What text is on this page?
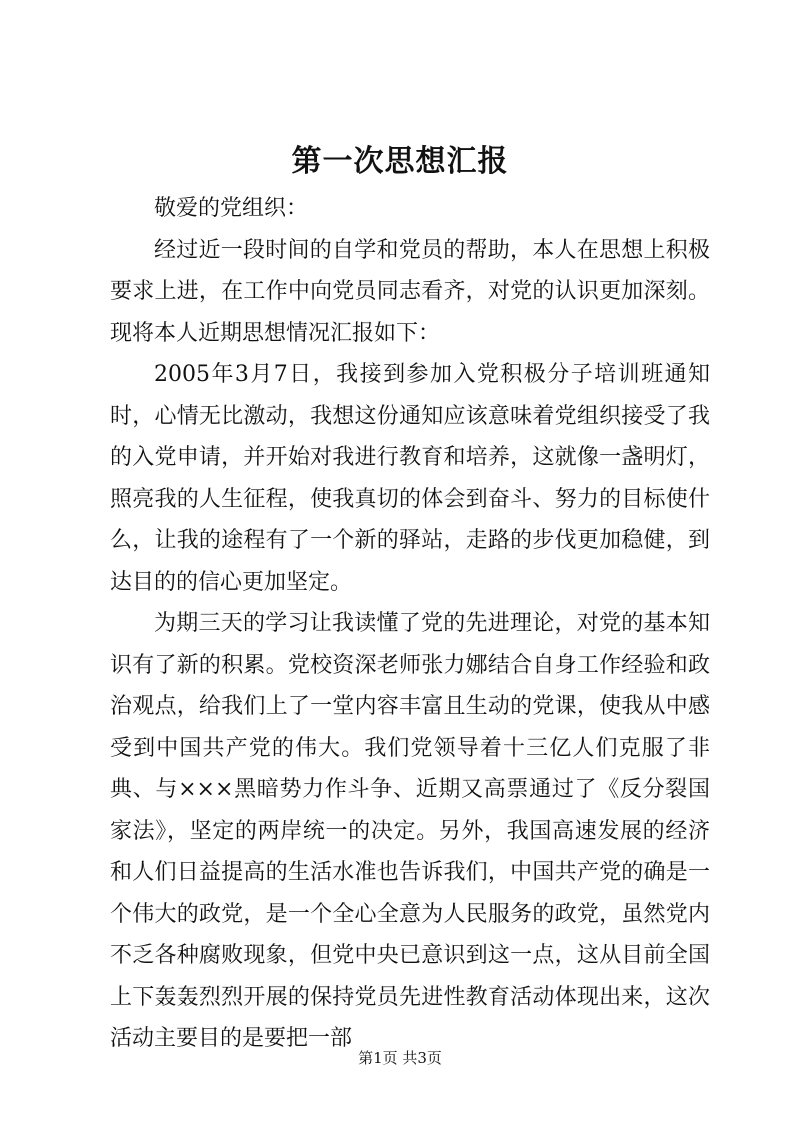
第一次思想汇报

敬爱的党组织：

经过近一段时间的自学和党员的帮助，本人在思想上积极要求上进，在工作中向党员同志看齐，对党的认识更加深刻。现将本人近期思想情况汇报如下：

2005年3月7日，我接到参加入党积极分子培训班通知时，心情无比激动，我想这份通知应该意味着党组织接受了我的入党申请，并开始对我进行教育和培养，这就像一盏明灯，照亮我的人生征程，使我真切的体会到奋斗、努力的目标使什么，让我的途程有了一个新的驿站，走路的步伐更加稳健，到达目的的信心更加坚定。

为期三天的学习让我读懂了党的先进理论，对党的基本知识有了新的积累。党校资深老师张力娜结合自身工作经验和政治观点，给我们上了一堂内容丰富且生动的党课，使我从中感受到中国共产党的伟大。我们党领导着十三亿人们克服了非典、与×××黑暗势力作斗争、近期又高票通过了《反分裂国家法》，坚定的两岸统一的决定。另外，我国高速发展的经济和人们日益提高的生活水准也告诉我们，中国共产党的确是一个伟大的政党，是一个全心全意为人民服务的政党，虽然党内不乏各种腐败现象，但党中央已意识到这一点，这从目前全国上下轰轰烈烈开展的保持党员先进性教育活动体现出来，这次活动主要目的是要把一部

第1页 共3页
